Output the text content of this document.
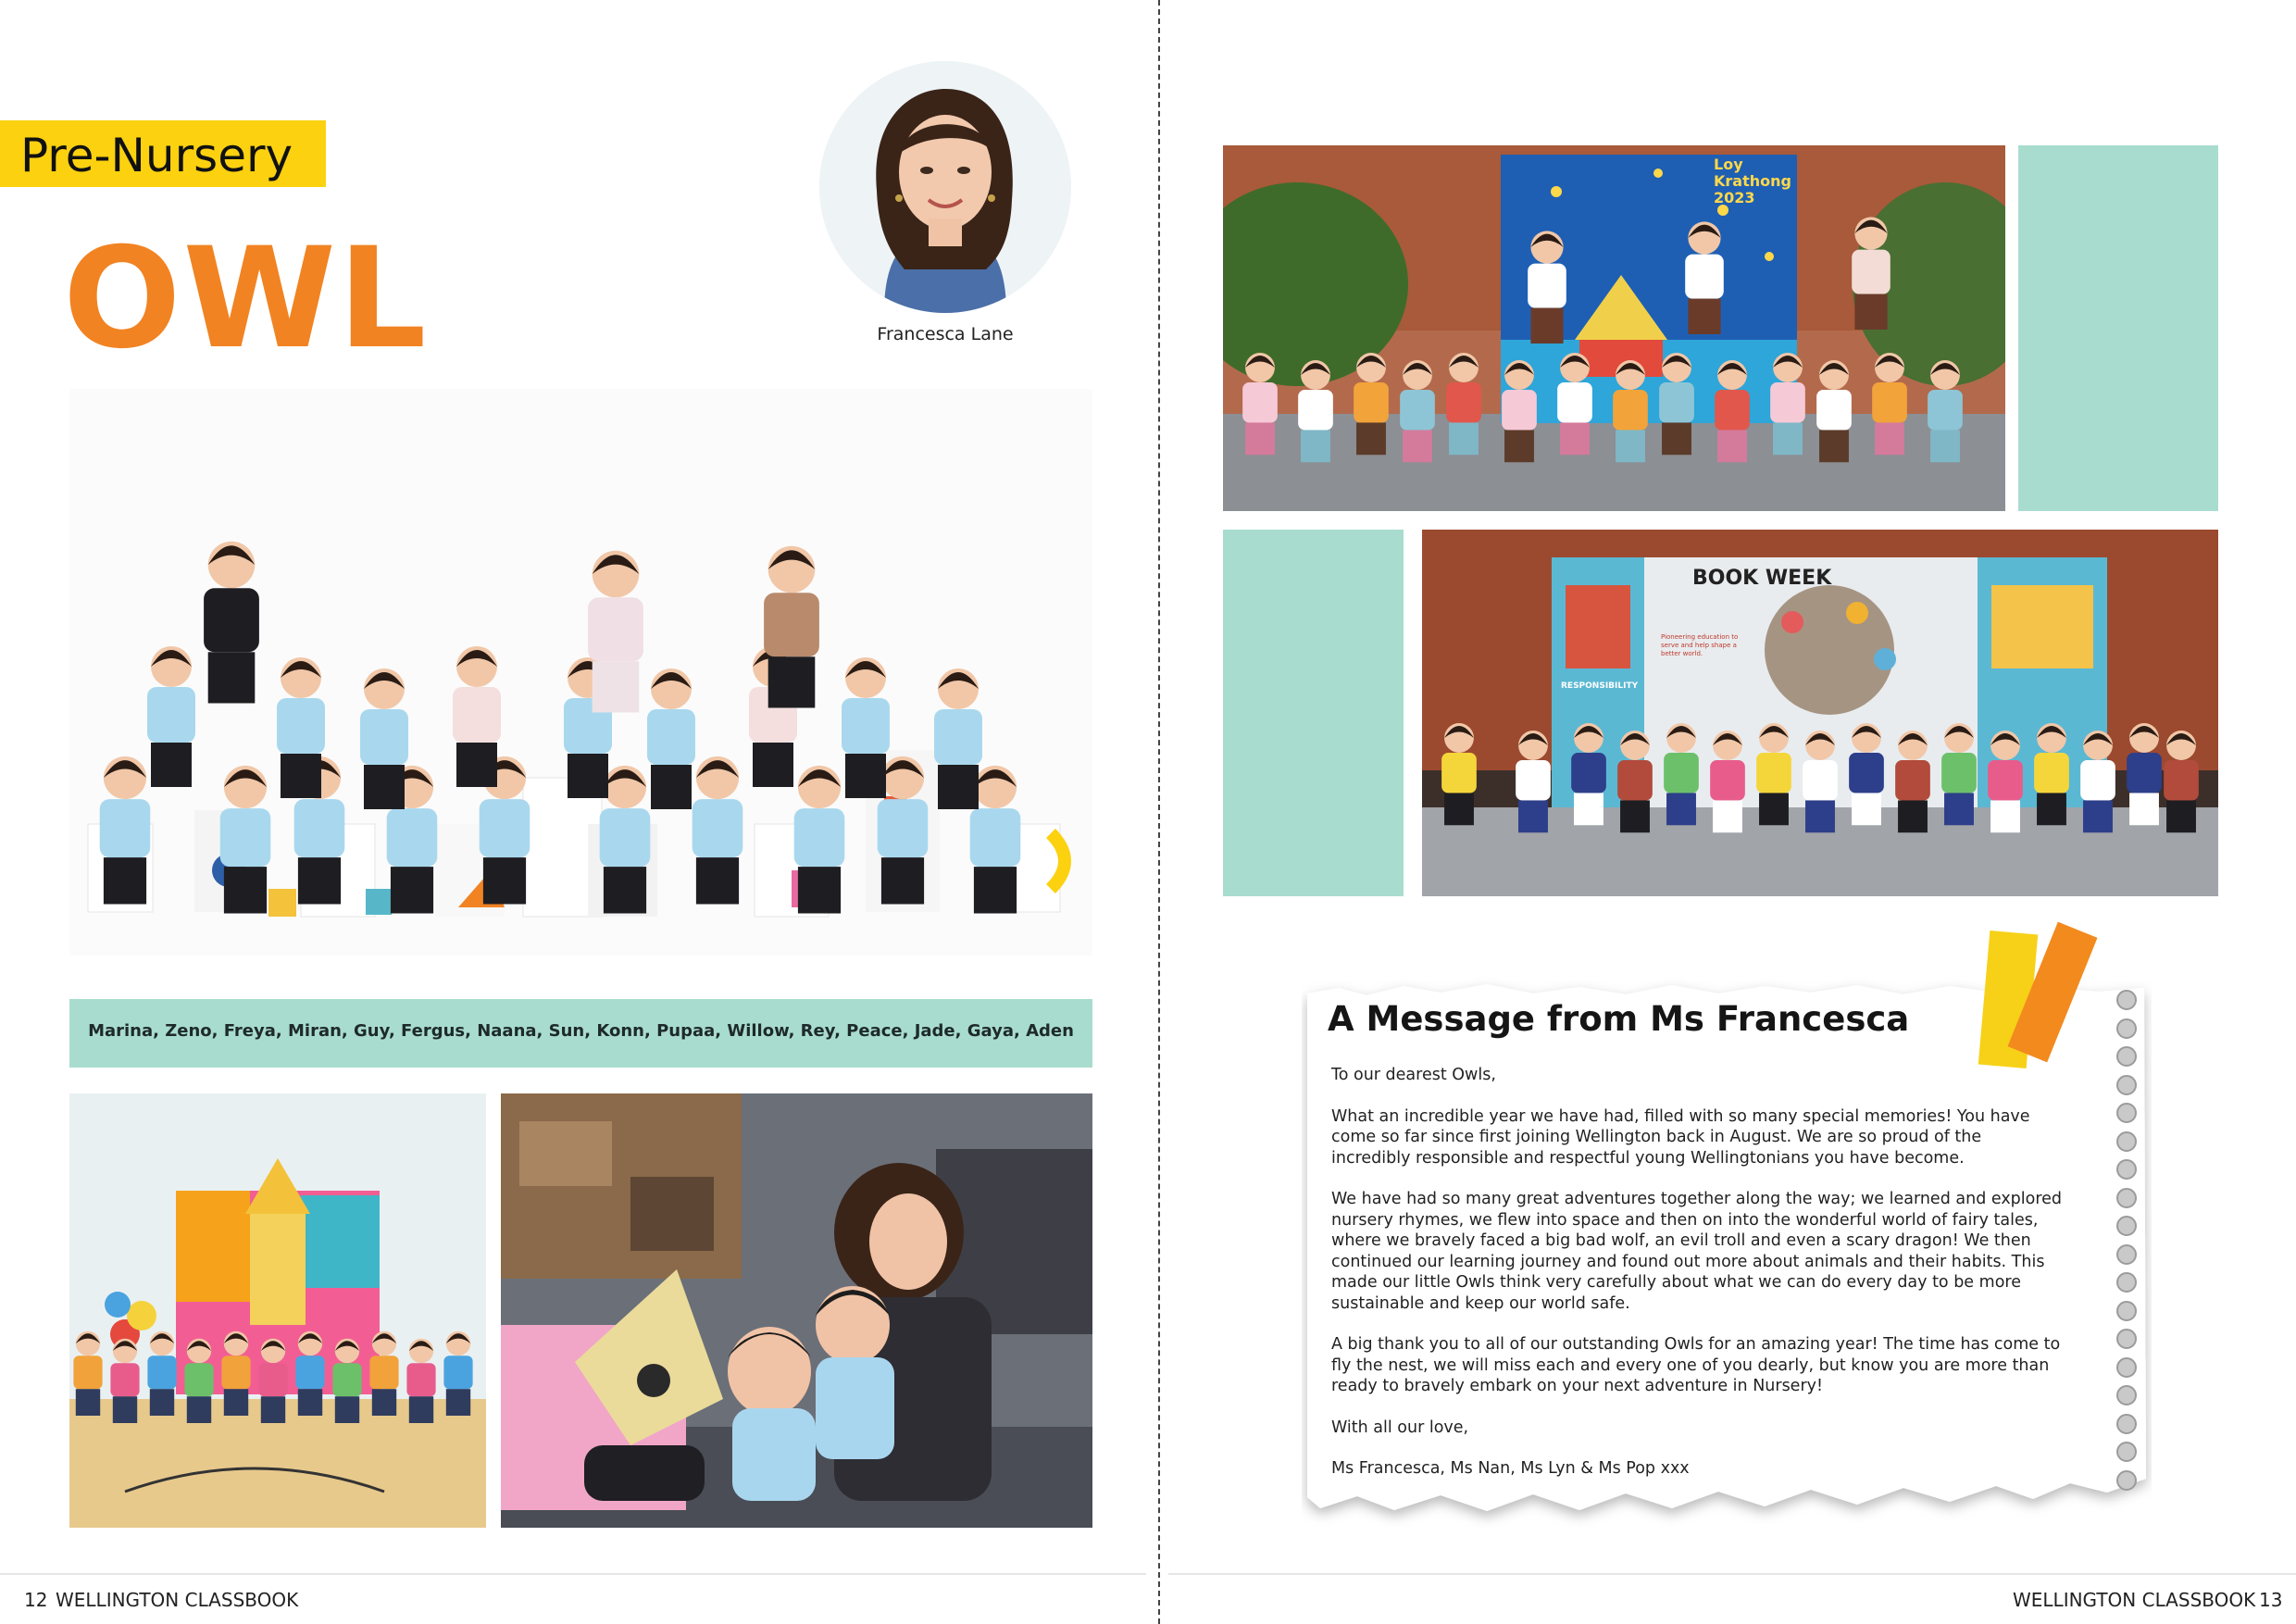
Pre-Nursery
OWL	Francesca Lane
Marina, Zeno, Freya, Miran, Guy, Fergus, Naana, Sun, Konn, Pupaa, Willow, Rey, Peace, Jade, Gaya, Aden
12 WELLINGTON CLASSBOOK
Loy Krathong 2023
BOOK WEEK
Pioneering education to serve and help shape a better world.
RESPONSIBILITY
A Message from Ms Francesca

To our dearest Owls,

What an incredible year we have had, filled with so many special memories! You have come so far since first joining Wellington back in August. We are so proud of the incredibly responsible and respectful young Wellingtonians you have become.

We have had so many great adventures together along the way; we learned and explored nursery rhymes, we flew into space and then on into the wonderful world of fairy tales, where we bravely faced a big bad wolf, an evil troll and even a scary dragon! We then continued our learning journey and found out more about animals and their habits. This made our little Owls think very carefully about what we can do every day to be more sustainable and keep our world safe.

A big thank you to all of our outstanding Owls for an amazing year! The time has come to fly the nest, we will miss each and every one of you dearly, but know you are more than ready to bravely embark on your next adventure in Nursery!

With all our love,

Ms Francesca, Ms Nan, Ms Lyn & Ms Pop xxx

WELLINGTON CLASSBOOK 13
